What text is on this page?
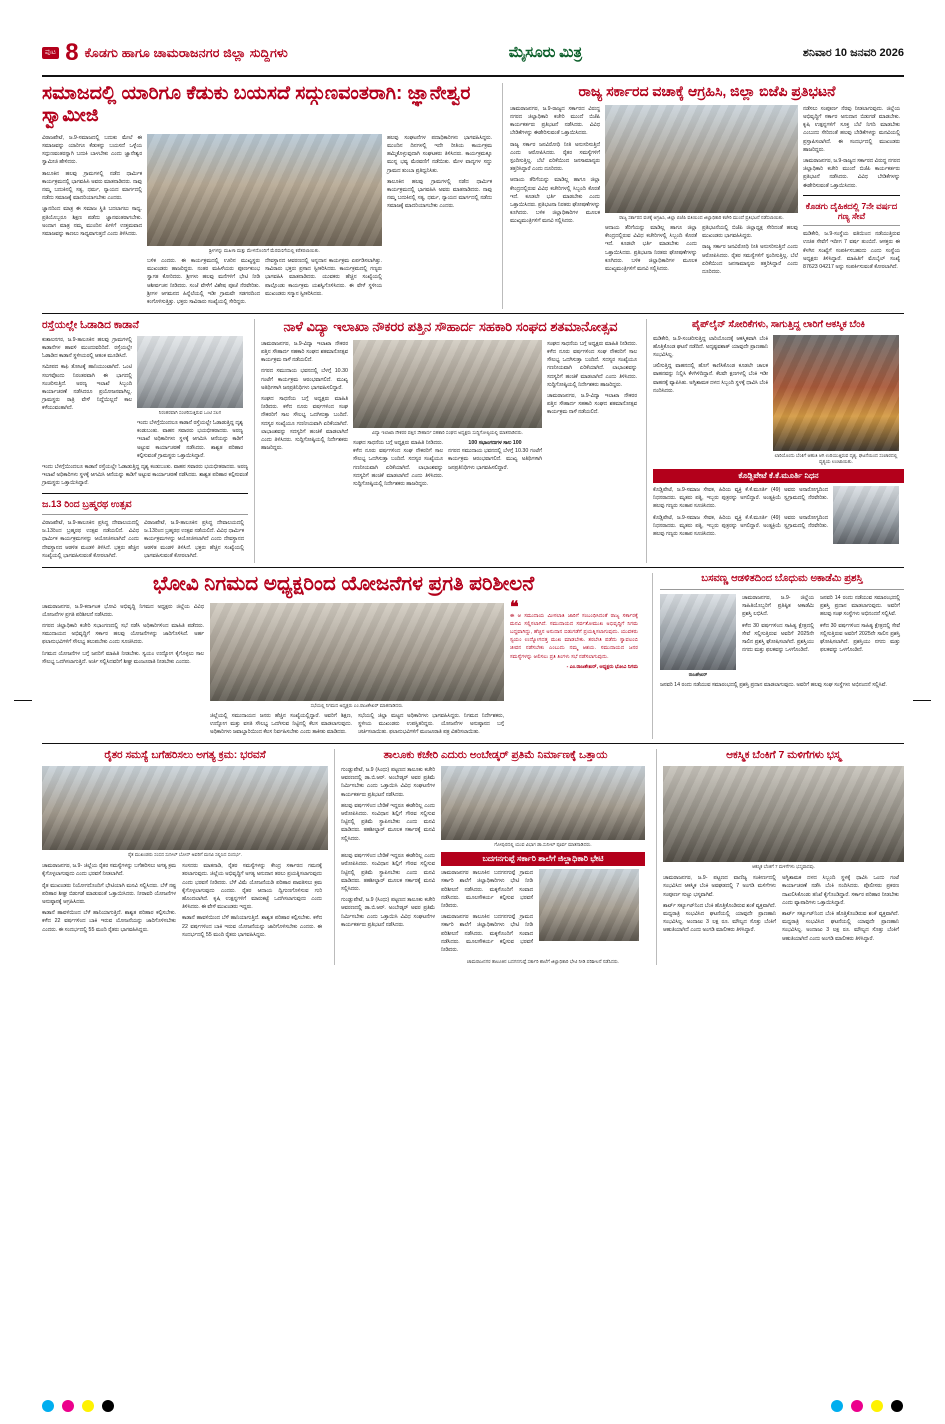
ಪುಟ 8 ಕೊಡಗು ಹಾಗೂ ಚಾಮರಾಜನಗರ ಜಿಲ್ಲಾ ಸುದ್ದಿಗಳು	ಮೈಸೂರು ಮಿತ್ರ	ಶನಿವಾರ 10 ಜನವರಿ 2026
ಸಮಾಜದಲ್ಲಿ ಯಾರಿಗೂ ಕೆಡುಕು ಬಯಸದೆ ಸದ್ಗುಣವಂತರಾಗಿ: ಜ್ಞಾನೇಶ್ವರ ಸ್ವಾಮೀಜಿ

ವಿರಾಜಪೇಟೆ, ಜ.9-ಸಮಾಜದಲ್ಲಿ ಬದುಕು ಮೇಲೆ ಈ ಸಮಾಜವನ್ನು ಯಾರಿಗೂ ಕೆಡುಕನ್ನು ಬಯಸದೆ ಒಳ್ಳೆಯ ಸದ್ಗುಣವಂತರನ್ನಾಗಿ ಬದುಕಿ ಬಾಳಬೇಕು ಎಂದು ಜ್ಞಾನೇಶ್ವರ ಸ್ವಾಮೀಜಿ ಹೇಳಿದರು.

ತಾಲೂಕಿನ ಹಲವು ಗ್ರಾಮಗಳಲ್ಲಿ ನಡೆದ ಧಾರ್ಮಿಕ ಕಾರ್ಯಕ್ರಮದಲ್ಲಿ ಭಾಗವಹಿಸಿ ಅವರು ಮಾತನಾಡಿದರು. ನಾವು ನಮ್ಮ ಬದುಕಿನಲ್ಲಿ ಸತ್ಯ, ಧರ್ಮ, ನ್ಯಾಯದ ಮಾರ್ಗದಲ್ಲಿ ನಡೆದು ಸಮಾಜಕ್ಕೆ ಮಾದರಿಯಾಗಬೇಕು ಎಂದರು.

ಜ್ಞಾನದಿಂದ ಮಾತ್ರ ಈ ಸಮಾಜ ಸ್ಥಿತಿ ಬದಲಾಗಲು ಸಾಧ್ಯ. ಪ್ರತಿಯೊಬ್ಬರೂ ಶಿಕ್ಷಣ ಪಡೆದು ಜ್ಞಾನವಂತರಾಗಬೇಕು. ಅಂದಾಗ ಮಾತ್ರ ನಮ್ಮ ಮುಂದಿನ ಪೀಳಿಗೆ ಉತ್ತಮವಾದ ಸಮಾಜವನ್ನು ಕಾಣಲು ಸಾಧ್ಯವಾಗುತ್ತದೆ ಎಂದು ತಿಳಿಸಿದರು.

ಶ್ರೀಗಳನ್ನು ಮಹಿಳಾ ಮತ್ತು ಮೇಳದೊಂದಿಗೆ ಮೆರವಣಿಗೆಯಲ್ಲಿ ಕರೆತರಲಾಯಿತು.

ಬಳಿಕ ಎಂದರು. ಈ ಕಾರ್ಯಕ್ರಮದಲ್ಲಿ ಊರಿನ ಮುಖ್ಯಸ್ಥರು ಮುಖಂಡರು ಹಾಜರಿದ್ದರು. ನಂತರ ಮಹಿಳೆಯರು ಪೂರ್ಣಕುಂಭ ಸ್ವಾಗತ ಕೋರಿದರು. ಶ್ರೀಗಳು ಹಲವು ಮನೆಗಳಿಗೆ ಭೇಟಿ ನೀಡಿ ಆಶೀರ್ವಚನ ನೀಡಿದರು. ಸಂಜೆ ವೇಳೆಗೆ ವಿಶೇಷ ಪೂಜೆ ನೆರವೇರಿತು. ಶ್ರೀಗಳ ಆಗಮನದ ಹಿನ್ನೆಲೆಯಲ್ಲಿ ಇಡೀ ಗ್ರಾಮವೇ ಸಡಗರದಿಂದ ಕಂಗೊಳಿಸುತ್ತಿತ್ತು. ಭಕ್ತರು ಸಾವಿರಾರು ಸಂಖ್ಯೆಯಲ್ಲಿ ಸೇರಿದ್ದರು.

ದೇವಸ್ಥಾನದ ಆವರಣದಲ್ಲಿ ಅನ್ನದಾನ ಕಾರ್ಯಕ್ರಮ ಏರ್ಪಡಿಸಲಾಗಿತ್ತು. ಸಾವಿರಾರು ಭಕ್ತರು ಪ್ರಸಾದ ಸ್ವೀಕರಿಸಿದರು. ಕಾರ್ಯಕ್ರಮದಲ್ಲಿ ಗಣ್ಯರು ಭಾಗವಹಿಸಿ ಮಾತನಾಡಿದರು. ಯುವಕರು ಹೆಚ್ಚಿನ ಸಂಖ್ಯೆಯಲ್ಲಿ ಪಾಲ್ಗೊಂಡು ಕಾರ್ಯಕ್ರಮ ಯಶಸ್ವಿಗೊಳಿಸಿದರು. ಈ ವೇಳೆ ಸ್ಥಳೀಯ ಮುಖಂಡರು ಸನ್ಮಾನ ಸ್ವೀಕರಿಸಿದರು.

ಹಲವು ಸಂಘಟನೆಗಳ ಪದಾಧಿಕಾರಿಗಳು ಭಾಗವಹಿಸಿದ್ದರು. ಮುಂದಿನ ದಿನಗಳಲ್ಲಿ ಇದೇ ರೀತಿಯ ಕಾರ್ಯಕ್ರಮ ಹಮ್ಮಿಕೊಳ್ಳುವುದಾಗಿ ಸಂಘಟಕರು ತಿಳಿಸಿದರು. ಕಾರ್ಯಕ್ರಮಕ್ಕೂ ಮುನ್ನ ಭವ್ಯ ಮೆರವಣಿಗೆ ನಡೆಯಿತು. ಮೇಳ ವಾದ್ಯಗಳ ಸದ್ದು ಗ್ರಾಮದ ತುಂಬಾ ಪ್ರತಿಧ್ವನಿಸಿತು.

ತಾಲೂಕಿನ ಹಲವು ಗ್ರಾಮಗಳಲ್ಲಿ ನಡೆದ ಧಾರ್ಮಿಕ ಕಾರ್ಯಕ್ರಮದಲ್ಲಿ ಭಾಗವಹಿಸಿ ಅವರು ಮಾತನಾಡಿದರು. ನಾವು ನಮ್ಮ ಬದುಕಿನಲ್ಲಿ ಸತ್ಯ, ಧರ್ಮ, ನ್ಯಾಯದ ಮಾರ್ಗದಲ್ಲಿ ನಡೆದು ಸಮಾಜಕ್ಕೆ ಮಾದರಿಯಾಗಬೇಕು ಎಂದರು.

ರಾಜ್ಯ ಸರ್ಕಾರದ ವಚಾಕ್ಕೆ ಆಗ್ರಹಿಸಿ, ಜಿಲ್ಲಾ ಬಿಜೆಪಿ ಪ್ರತಿಭಟನೆ

ಚಾಮರಾಜನಗರ, ಜ.9-ರಾಜ್ಯದ ಸರ್ಕಾರದ ವಿರುದ್ಧ ನಗರದ ಜಿಲ್ಲಾಧಿಕಾರಿ ಕಚೇರಿ ಮುಂದೆ ಬಿಜೆಪಿ ಕಾರ್ಯಕರ್ತರು ಪ್ರತಿಭಟನೆ ನಡೆಸಿದರು. ವಿವಿಧ ಬೇಡಿಕೆಗಳನ್ನು ಈಡೇರಿಸುವಂತೆ ಒತ್ತಾಯಿಸಿದರು.

ರಾಜ್ಯ ಸರ್ಕಾರ ಜನವಿರೋಧಿ ನೀತಿ ಅನುಸರಿಸುತ್ತಿದೆ ಎಂದು ಆರೋಪಿಸಿದರು. ರೈತರ ಸಮಸ್ಯೆಗಳಿಗೆ ಸ್ಪಂದಿಸುತ್ತಿಲ್ಲ. ಬೆಲೆ ಏರಿಕೆಯಿಂದ ಜನಸಾಮಾನ್ಯರು ತತ್ತರಿಸಿದ್ದಾರೆ ಎಂದು ದೂರಿದರು.

ಆದಾಯ ತೆರಿಗೆಯನ್ನು ಮಾಡಿಲ್ಲ ಹಾಗೂ ಜಿಲ್ಲಾ ಕೇಂದ್ರದಲ್ಲಿರುವ ವಿವಿಧ ಕಚೇರಿಗಳಲ್ಲಿ ಸಿಬ್ಬಂದಿ ಕೊರತೆ ಇದೆ. ಕೂಡಲೇ ಭರ್ತಿ ಮಾಡಬೇಕು ಎಂದು ಒತ್ತಾಯಿಸಿದರು. ಪ್ರತಿಭಟನಾ ನಿರತರು ಘೋಷಣೆಗಳನ್ನು ಕೂಗಿದರು. ಬಳಿಕ ಜಿಲ್ಲಾಧಿಕಾರಿಗಳ ಮೂಲಕ ಮುಖ್ಯಮಂತ್ರಿಗಳಿಗೆ ಮನವಿ ಸಲ್ಲಿಸಿದರು.

ರಾಜ್ಯ ಸರ್ಕಾರದ ವಚಕ್ಕೆ ಆಗ್ರಹಿಸಿ, ಜಿಲ್ಲಾ ಬಿಜೆಪಿ ವತಿಯಿಂದ ಜಿಲ್ಲಾಧಿಕಾರಿ ಕಚೇರಿ ಮುಂದೆ ಪ್ರತಿಭಟನೆ ನಡೆಸಲಾಯಿತು.

ಆದಾಯ ತೆರಿಗೆಯನ್ನು ಮಾಡಿಲ್ಲ ಹಾಗೂ ಜಿಲ್ಲಾ ಕೇಂದ್ರದಲ್ಲಿರುವ ವಿವಿಧ ಕಚೇರಿಗಳಲ್ಲಿ ಸಿಬ್ಬಂದಿ ಕೊರತೆ ಇದೆ. ಕೂಡಲೇ ಭರ್ತಿ ಮಾಡಬೇಕು ಎಂದು ಒತ್ತಾಯಿಸಿದರು. ಪ್ರತಿಭಟನಾ ನಿರತರು ಘೋಷಣೆಗಳನ್ನು ಕೂಗಿದರು. ಬಳಿಕ ಜಿಲ್ಲಾಧಿಕಾರಿಗಳ ಮೂಲಕ ಮುಖ್ಯಮಂತ್ರಿಗಳಿಗೆ ಮನವಿ ಸಲ್ಲಿಸಿದರು.

ಪ್ರತಿಭಟನೆಯಲ್ಲಿ ಬಿಜೆಪಿ ಜಿಲ್ಲಾಧ್ಯಕ್ಷ ಸೇರಿದಂತೆ ಹಲವು ಮುಖಂಡರು ಭಾಗವಹಿಸಿದ್ದರು.

ರಾಜ್ಯ ಸರ್ಕಾರ ಜನವಿರೋಧಿ ನೀತಿ ಅನುಸರಿಸುತ್ತಿದೆ ಎಂದು ಆರೋಪಿಸಿದರು. ರೈತರ ಸಮಸ್ಯೆಗಳಿಗೆ ಸ್ಪಂದಿಸುತ್ತಿಲ್ಲ. ಬೆಲೆ ಏರಿಕೆಯಿಂದ ಜನಸಾಮಾನ್ಯರು ತತ್ತರಿಸಿದ್ದಾರೆ ಎಂದು ದೂರಿದರು.

ನಡೆಸಲು ಸಂಪೂರ್ಣ ನೆರವು ನೀಡಲಾಗುವುದು. ಜಿಲ್ಲೆಯ ಅಭಿವೃದ್ಧಿಗೆ ಸರ್ಕಾರ ಅನುದಾನ ಬಿಡುಗಡೆ ಮಾಡಬೇಕು. ಕೃಷಿ ಉತ್ಪನ್ನಗಳಿಗೆ ಸೂಕ್ತ ಬೆಲೆ ನಿಗದಿ ಮಾಡಬೇಕು ಎಂಬುದು ಸೇರಿದಂತೆ ಹಲವು ಬೇಡಿಕೆಗಳನ್ನು ಮನವಿಯಲ್ಲಿ ಪ್ರಸ್ತಾಪಿಸಲಾಗಿದೆ. ಈ ಸಂದರ್ಭದಲ್ಲಿ ಮುಖಂಡರು ಹಾಜರಿದ್ದರು.

ಚಾಮರಾಜನಗರ, ಜ.9-ರಾಜ್ಯದ ಸರ್ಕಾರದ ವಿರುದ್ಧ ನಗರದ ಜಿಲ್ಲಾಧಿಕಾರಿ ಕಚೇರಿ ಮುಂದೆ ಬಿಜೆಪಿ ಕಾರ್ಯಕರ್ತರು ಪ್ರತಿಭಟನೆ ನಡೆಸಿದರು. ವಿವಿಧ ಬೇಡಿಕೆಗಳನ್ನು ಈಡೇರಿಸುವಂತೆ ಒತ್ತಾಯಿಸಿದರು.

ಕೊಡಗು ದೈಹಿಕದಲ್ಲಿ 7ನೇ ವರ್ಷದ ಗಣ್ಯ ಸೇವೆ

ಮಡಿಕೇರಿ, ಜ.9-ಸಂಸ್ಥೆಯ ವತಿಯಿಂದ ನಡೆಯುತ್ತಿರುವ ಉಚಿತ ಸೇವೆಗೆ ಇದೀಗ 7 ವರ್ಷ ತುಂಬಿದೆ. ಆಸಕ್ತರು ಈ ಕೆಳಗಿನ ಸಂಖ್ಯೆಗೆ ಸಂಪರ್ಕಿಸಬಹುದು ಎಂದು ಸಂಸ್ಥೆಯ ಅಧ್ಯಕ್ಷರು ತಿಳಿಸಿದ್ದಾರೆ. ಮಾಹಿತಿಗೆ ಮೊಬೈಲ್ ಸಂಖ್ಯೆ 87623 04217 ಅನ್ನು ಸಂಪರ್ಕಿಸುವಂತೆ ಕೋರಲಾಗಿದೆ.

ರಸ್ತೆಯಲ್ಲೇ ಓಡಾಡಿದ ಕಾಡಾನೆ

ಕುಶಾಲನಗರ, ಜ.9-ತಾಲೂಕಿನ ಹಲವು ಗ್ರಾಮಗಳಲ್ಲಿ ಕಾಡಾನೆಗಳ ಹಾವಳಿ ಮುಂದುವರಿದಿದೆ. ರಸ್ತೆಯಲ್ಲೇ ಓಡಾಡಿದ ಕಾಡಾನೆ ಸ್ಥಳೀಯರಲ್ಲಿ ಆತಂಕ ಮೂಡಿಸಿದೆ.

ಸಮೀಪದ ಕಾಫಿ ತೋಟಕ್ಕೆ ಹಾನಿಯುಂಟಾಗಿದೆ. ಒಂಟಿ ಸಲಗವೊಂದು ನಿರಂತರವಾಗಿ ಈ ಭಾಗದಲ್ಲಿ ಸಂಚರಿಸುತ್ತಿದೆ. ಅರಣ್ಯ ಇಲಾಖೆ ಸಿಬ್ಬಂದಿ ಕಾರ್ಯಾಚರಣೆ ನಡೆಸಿದರೂ ಪ್ರಯೋಜನವಾಗಿಲ್ಲ. ಗ್ರಾಮಸ್ಥರು ರಾತ್ರಿ ವೇಳೆ ನಿದ್ದೆಯಿಲ್ಲದೆ ಕಾಲ ಕಳೆಯುವಂತಾಗಿದೆ.

ನಿರಂತರವಾಗಿ ಸಂಚರಿಸುತ್ತಿರುವ ಒಂಟಿ ಸಲಗ

ಇಂದು ಬೆಳಗ್ಗೆಯಿಂದಲೂ ಕಾಡಾನೆ ರಸ್ತೆಯಲ್ಲೇ ಓಡಾಡುತ್ತಿದ್ದ ದೃಶ್ಯ ಕಂಡುಬಂತು. ವಾಹನ ಸವಾರರು ಭಯಭೀತರಾದರು. ಅರಣ್ಯ ಇಲಾಖೆ ಅಧಿಕಾರಿಗಳು ಸ್ಥಳಕ್ಕೆ ಆಗಮಿಸಿ ಆನೆಯನ್ನು ಕಾಡಿಗೆ ಅಟ್ಟುವ ಕಾರ್ಯಾಚರಣೆ ನಡೆಸಿದರು. ಶಾಶ್ವತ ಪರಿಹಾರ ಕಲ್ಪಿಸುವಂತೆ ಗ್ರಾಮಸ್ಥರು ಒತ್ತಾಯಿಸಿದ್ದಾರೆ.

ಇಂದು ಬೆಳಗ್ಗೆಯಿಂದಲೂ ಕಾಡಾನೆ ರಸ್ತೆಯಲ್ಲೇ ಓಡಾಡುತ್ತಿದ್ದ ದೃಶ್ಯ ಕಂಡುಬಂತು. ವಾಹನ ಸವಾರರು ಭಯಭೀತರಾದರು. ಅರಣ್ಯ ಇಲಾಖೆ ಅಧಿಕಾರಿಗಳು ಸ್ಥಳಕ್ಕೆ ಆಗಮಿಸಿ ಆನೆಯನ್ನು ಕಾಡಿಗೆ ಅಟ್ಟುವ ಕಾರ್ಯಾಚರಣೆ ನಡೆಸಿದರು. ಶಾಶ್ವತ ಪರಿಹಾರ ಕಲ್ಪಿಸುವಂತೆ ಗ್ರಾಮಸ್ಥರು ಒತ್ತಾಯಿಸಿದ್ದಾರೆ.

ಜ.13 ರಿಂದ ಬ್ರಹ್ಮರಥ ಉತ್ಸವ

ವಿರಾಜಪೇಟೆ, ಜ.9-ತಾಲೂಕಿನ ಪ್ರಸಿದ್ಧ ದೇವಾಲಯದಲ್ಲಿ ಜ.13ರಿಂದ ಬ್ರಹ್ಮರಥ ಉತ್ಸವ ನಡೆಯಲಿದೆ. ವಿವಿಧ ಧಾರ್ಮಿಕ ಕಾರ್ಯಕ್ರಮಗಳನ್ನು ಆಯೋಜಿಸಲಾಗಿದೆ ಎಂದು ದೇವಸ್ಥಾನದ ಆಡಳಿತ ಮಂಡಳಿ ತಿಳಿಸಿದೆ. ಭಕ್ತರು ಹೆಚ್ಚಿನ ಸಂಖ್ಯೆಯಲ್ಲಿ ಭಾಗವಹಿಸುವಂತೆ ಕೋರಲಾಗಿದೆ.

ವಿರಾಜಪೇಟೆ, ಜ.9-ತಾಲೂಕಿನ ಪ್ರಸಿದ್ಧ ದೇವಾಲಯದಲ್ಲಿ ಜ.13ರಿಂದ ಬ್ರಹ್ಮರಥ ಉತ್ಸವ ನಡೆಯಲಿದೆ. ವಿವಿಧ ಧಾರ್ಮಿಕ ಕಾರ್ಯಕ್ರಮಗಳನ್ನು ಆಯೋಜಿಸಲಾಗಿದೆ ಎಂದು ದೇವಸ್ಥಾನದ ಆಡಳಿತ ಮಂಡಳಿ ತಿಳಿಸಿದೆ. ಭಕ್ತರು ಹೆಚ್ಚಿನ ಸಂಖ್ಯೆಯಲ್ಲಿ ಭಾಗವಹಿಸುವಂತೆ ಕೋರಲಾಗಿದೆ.

ನಾಳೆ ವಿದ್ಯಾ ಇಲಾಖಾ ನೌಕರರ ಪತ್ತಿನ ಸೌಹಾರ್ದ ಸಹಕಾರಿ ಸಂಘದ ಶತಮಾನೋತ್ಸವ

ಚಾಮರಾಜನಗರ, ಜ.9-ವಿದ್ಯಾ ಇಲಾಖಾ ನೌಕರರ ಪತ್ತಿನ ಸೌಹಾರ್ದ ಸಹಕಾರಿ ಸಂಘದ ಶತಮಾನೋತ್ಸವ ಕಾರ್ಯಕ್ರಮ ನಾಳೆ ನಡೆಯಲಿದೆ.

ನಗರದ ಸಮುದಾಯ ಭವನದಲ್ಲಿ ಬೆಳಗ್ಗೆ 10.30 ಗಂಟೆಗೆ ಕಾರ್ಯಕ್ರಮ ಆರಂಭವಾಗಲಿದೆ. ಮುಖ್ಯ ಅತಿಥಿಗಳಾಗಿ ಜನಪ್ರತಿನಿಧಿಗಳು ಭಾಗವಹಿಸಲಿದ್ದಾರೆ.

ಸಂಘದ ಸಾಧನೆಯ ಬಗ್ಗೆ ಅಧ್ಯಕ್ಷರು ಮಾಹಿತಿ ನೀಡಿದರು. ಕಳೆದ ನೂರು ವರ್ಷಗಳಿಂದ ಸಂಘ ನೌಕರರಿಗೆ ಸಾಲ ಸೌಲಭ್ಯ ಒದಗಿಸುತ್ತಾ ಬಂದಿದೆ. ಸದಸ್ಯರ ಸಂಖ್ಯೆಯೂ ಗಣನೀಯವಾಗಿ ಏರಿಕೆಯಾಗಿದೆ. ಲಾಭಾಂಶವನ್ನು ಸದಸ್ಯರಿಗೆ ಹಂಚಿಕೆ ಮಾಡಲಾಗಿದೆ ಎಂದು ತಿಳಿಸಿದರು. ಸುದ್ದಿಗೋಷ್ಠಿಯಲ್ಲಿ ನಿರ್ದೇಶಕರು ಹಾಜರಿದ್ದರು.

ವಿದ್ಯಾ ಇಲಾಖಾ ನೌಕರರ ಪತ್ತಿನ ಸೌಹಾರ್ದ ಸಹಕಾರಿ ಸಂಘದ ಅಧ್ಯಕ್ಷರು ಸುದ್ದಿಗೋಷ್ಠಿಯಲ್ಲಿ ಮಾತನಾಡಿದರು.

ಸಂಘದ ಸಾಧನೆಯ ಬಗ್ಗೆ ಅಧ್ಯಕ್ಷರು ಮಾಹಿತಿ ನೀಡಿದರು. ಕಳೆದ ನೂರು ವರ್ಷಗಳಿಂದ ಸಂಘ ನೌಕರರಿಗೆ ಸಾಲ ಸೌಲಭ್ಯ ಒದಗಿಸುತ್ತಾ ಬಂದಿದೆ. ಸದಸ್ಯರ ಸಂಖ್ಯೆಯೂ ಗಣನೀಯವಾಗಿ ಏರಿಕೆಯಾಗಿದೆ. ಲಾಭಾಂಶವನ್ನು ಸದಸ್ಯರಿಗೆ ಹಂಚಿಕೆ ಮಾಡಲಾಗಿದೆ ಎಂದು ತಿಳಿಸಿದರು. ಸುದ್ದಿಗೋಷ್ಠಿಯಲ್ಲಿ ನಿರ್ದೇಶಕರು ಹಾಜರಿದ್ದರು.

100 ಸಭಾಂಗಣಗಳ ಸಾಲ 100

ನಗರದ ಸಮುದಾಯ ಭವನದಲ್ಲಿ ಬೆಳಗ್ಗೆ 10.30 ಗಂಟೆಗೆ ಕಾರ್ಯಕ್ರಮ ಆರಂಭವಾಗಲಿದೆ. ಮುಖ್ಯ ಅತಿಥಿಗಳಾಗಿ ಜನಪ್ರತಿನಿಧಿಗಳು ಭಾಗವಹಿಸಲಿದ್ದಾರೆ.

ಸಂಘದ ಸಾಧನೆಯ ಬಗ್ಗೆ ಅಧ್ಯಕ್ಷರು ಮಾಹಿತಿ ನೀಡಿದರು. ಕಳೆದ ನೂರು ವರ್ಷಗಳಿಂದ ಸಂಘ ನೌಕರರಿಗೆ ಸಾಲ ಸೌಲಭ್ಯ ಒದಗಿಸುತ್ತಾ ಬಂದಿದೆ. ಸದಸ್ಯರ ಸಂಖ್ಯೆಯೂ ಗಣನೀಯವಾಗಿ ಏರಿಕೆಯಾಗಿದೆ. ಲಾಭಾಂಶವನ್ನು ಸದಸ್ಯರಿಗೆ ಹಂಚಿಕೆ ಮಾಡಲಾಗಿದೆ ಎಂದು ತಿಳಿಸಿದರು. ಸುದ್ದಿಗೋಷ್ಠಿಯಲ್ಲಿ ನಿರ್ದೇಶಕರು ಹಾಜರಿದ್ದರು.

ಚಾಮರಾಜನಗರ, ಜ.9-ವಿದ್ಯಾ ಇಲಾಖಾ ನೌಕರರ ಪತ್ತಿನ ಸೌಹಾರ್ದ ಸಹಕಾರಿ ಸಂಘದ ಶತಮಾನೋತ್ಸವ ಕಾರ್ಯಕ್ರಮ ನಾಳೆ ನಡೆಯಲಿದೆ.

ಪೈಪ್‌ಲೈನ್ ಸೋರಿಕೆಗಳು, ಸಾಗುತ್ತಿದ್ದ ಲಾರಿಗೆ ಆಕಸ್ಮಿಕ ಬೆಂಕಿ

ಮಡಿಕೇರಿ, ಜ.9-ಸಂಚರಿಸುತ್ತಿದ್ದ ಲಾರಿಯೊಂದಕ್ಕೆ ಆಕಸ್ಮಿಕವಾಗಿ ಬೆಂಕಿ ಹೊತ್ತಿಕೊಂಡ ಘಟನೆ ನಡೆದಿದೆ. ಅದೃಷ್ಟವಶಾತ್ ಯಾವುದೇ ಪ್ರಾಣಹಾನಿ ಸಂಭವಿಸಿಲ್ಲ.

ಚಲಿಸುತ್ತಿದ್ದ ವಾಹನದಲ್ಲಿ ಹೊಗೆ ಕಾಣಿಸಿಕೊಂಡ ಕೂಡಲೇ ಚಾಲಕ ವಾಹನವನ್ನು ನಿಲ್ಲಿಸಿ ಕೆಳಗಿಳಿದಿದ್ದಾನೆ. ಕೆಲವೇ ಕ್ಷಣಗಳಲ್ಲಿ ಬೆಂಕಿ ಇಡೀ ವಾಹನಕ್ಕೆ ವ್ಯಾಪಿಸಿತು. ಅಗ್ನಿಶಾಮಕ ದಳದ ಸಿಬ್ಬಂದಿ ಸ್ಥಳಕ್ಕೆ ಧಾವಿಸಿ ಬೆಂಕಿ ನಂದಿಸಿದರು.

ಲಾರಿಯೊಂದು ಬೆಂಕಿಗೆ ಆಹುತಿ ಆಗಿ ಉರಿಯುತ್ತಿರುವ ದೃಶ್ಯ. ಘಟನೆಯಿಂದ ಸಂಚಾರದಲ್ಲಿ ವ್ಯತ್ಯಯ ಉಂಟಾಯಿತು.
ಕೊಡ್ಲಿಪೇಟೆ ಕೆ.ಕೆ.ಮೂರ್ತಿ ನಿಧನ

ಕೊಡ್ಲಿಪೇಟೆ, ಜ.9-ಸಮಾಜ ಸೇವಕ, ಹಿರಿಯ ವ್ಯಕ್ತಿ ಕೆ.ಕೆ.ಮೂರ್ತಿ (49) ಅವರು ಅನಾರೋಗ್ಯದಿಂದ ನಿಧನರಾದರು. ಮೃತರು ಪತ್ನಿ, ಇಬ್ಬರು ಪುತ್ರರನ್ನು ಅಗಲಿದ್ದಾರೆ. ಅಂತ್ಯಕ್ರಿಯೆ ಸ್ವಗ್ರಾಮದಲ್ಲಿ ನೆರವೇರಿತು. ಹಲವು ಗಣ್ಯರು ಸಂತಾಪ ಸೂಚಿಸಿದರು.

ಕೊಡ್ಲಿಪೇಟೆ, ಜ.9-ಸಮಾಜ ಸೇವಕ, ಹಿರಿಯ ವ್ಯಕ್ತಿ ಕೆ.ಕೆ.ಮೂರ್ತಿ (49) ಅವರು ಅನಾರೋಗ್ಯದಿಂದ ನಿಧನರಾದರು. ಮೃತರು ಪತ್ನಿ, ಇಬ್ಬರು ಪುತ್ರರನ್ನು ಅಗಲಿದ್ದಾರೆ. ಅಂತ್ಯಕ್ರಿಯೆ ಸ್ವಗ್ರಾಮದಲ್ಲಿ ನೆರವೇರಿತು. ಹಲವು ಗಣ್ಯರು ಸಂತಾಪ ಸೂಚಿಸಿದರು.

ಭೋವಿ ನಿಗಮದ ಅಧ್ಯಕ್ಷರಿಂದ ಯೋಜನೆಗಳ ಪ್ರಗತಿ ಪರಿಶೀಲನೆ

ಚಾಮರಾಜನಗರ, ಜ.9-ಕರ್ನಾಟಕ ಭೋವಿ ಅಭಿವೃದ್ಧಿ ನಿಗಮದ ಅಧ್ಯಕ್ಷರು ಜಿಲ್ಲೆಯ ವಿವಿಧ ಯೋಜನೆಗಳ ಪ್ರಗತಿ ಪರಿಶೀಲನೆ ನಡೆಸಿದರು.

ನಗರದ ಜಿಲ್ಲಾಧಿಕಾರಿ ಕಚೇರಿ ಸಭಾಂಗಣದಲ್ಲಿ ಸಭೆ ನಡೆಸಿ ಅಧಿಕಾರಿಗಳಿಂದ ಮಾಹಿತಿ ಪಡೆದರು. ಸಮುದಾಯದ ಅಭಿವೃದ್ಧಿಗೆ ಸರ್ಕಾರ ಹಲವು ಯೋಜನೆಗಳನ್ನು ಜಾರಿಗೊಳಿಸಿದೆ. ಅರ್ಹ ಫಲಾನುಭವಿಗಳಿಗೆ ಸೌಲಭ್ಯ ತಲುಪಬೇಕು ಎಂದು ಸೂಚಿಸಿದರು.

ನಿಗಮದ ಯೋಜನೆಗಳ ಬಗ್ಗೆ ಜನರಿಗೆ ಮಾಹಿತಿ ನೀಡಬೇಕು. ಸ್ವಯಂ ಉದ್ಯೋಗ ಕೈಗೊಳ್ಳಲು ಸಾಲ ಸೌಲಭ್ಯ ಒದಗಿಸಲಾಗುತ್ತಿದೆ. ಅರ್ಜಿ ಸಲ್ಲಿಸಿದವರಿಗೆ ಶೀಘ್ರ ಮಂಜೂರಾತಿ ನೀಡಬೇಕು ಎಂದರು.

ಸಭೆಯಲ್ಲಿ ನಿಗಮದ ಅಧ್ಯಕ್ಷರು ಎಂ.ರಾಜಶೇಖರ್ ಮಾತನಾಡಿದರು.

ಜಿಲ್ಲೆಯಲ್ಲಿ ಸಮುದಾಯದ ಜನರು ಹೆಚ್ಚಿನ ಸಂಖ್ಯೆಯಲ್ಲಿದ್ದಾರೆ. ಅವರಿಗೆ ಶಿಕ್ಷಣ, ಉದ್ಯೋಗ ಮತ್ತು ವಸತಿ ಸೌಲಭ್ಯ ಒದಗಿಸುವ ನಿಟ್ಟಿನಲ್ಲಿ ಕೆಲಸ ಮಾಡಲಾಗುವುದು. ಅಧಿಕಾರಿಗಳು ಜವಾಬ್ದಾರಿಯಿಂದ ಕೆಲಸ ನಿರ್ವಹಿಸಬೇಕು ಎಂದು ತಾಕೀತು ಮಾಡಿದರು.

ಸಭೆಯಲ್ಲಿ ಜಿಲ್ಲಾ ಮಟ್ಟದ ಅಧಿಕಾರಿಗಳು ಭಾಗವಹಿಸಿದ್ದರು. ನಿಗಮದ ನಿರ್ದೇಶಕರು, ಸ್ಥಳೀಯ ಮುಖಂಡರು ಉಪಸ್ಥಿತರಿದ್ದರು. ಯೋಜನೆಗಳ ಅನುಷ್ಠಾನದ ಬಗ್ಗೆ ಚರ್ಚಿಸಲಾಯಿತು. ಫಲಾನುಭವಿಗಳಿಗೆ ಮಂಜೂರಾತಿ ಪತ್ರ ವಿತರಿಸಲಾಯಿತು.

❝
ಈ ಆ ಸಮುದಾಯ ಮೀಸಲಾತಿ ಜಾರಿಗೆ ಸಂಬಂಧಿಸಿದಂತೆ ರಾಜ್ಯ ಸರ್ಕಾರಕ್ಕೆ ಮನವಿ ಸಲ್ಲಿಸಲಾಗಿದೆ. ಸಮುದಾಯದ ಸರ್ವತೋಮುಖ ಅಭಿವೃದ್ಧಿಗೆ ನಿಗಮ ಬದ್ಧವಾಗಿದ್ದು, ಹೆಚ್ಚಿನ ಅನುದಾನ ಬಿಡುಗಡೆಗೆ ಪ್ರಯತ್ನಿಸಲಾಗುವುದು. ಯುವಕರು ಸ್ವಯಂ ಉದ್ಯೋಗದತ್ತ ಮುಖ ಮಾಡಬೇಕು. ತರಬೇತಿ ಪಡೆದು ಸ್ವಾವಲಂಬಿ ಜೀವನ ನಡೆಸಬೇಕು ಎಂಬುದು ನಮ್ಮ ಆಶಯ. ಸಮುದಾಯದ ಜನರ ಸಮಸ್ಯೆಗಳನ್ನು ಆಲಿಸಲು ಪ್ರತಿ ತಿಂಗಳು ಸಭೆ ನಡೆಸಲಾಗುವುದು.
- ಎಂ.ರಾಜಶೇಖರ್, ಅಧ್ಯಕ್ಷರು ಭೋವಿ ನಿಗಮ
ಬಸವಣ್ಣ ಆಡಳಿತದಿಂದ ಬೊಧುಮ ಅಕಾಡೆಮಿ ಪ್ರಶಸ್ತಿ
ರಾಜಶೇಖರ್

ಚಾಮರಾಜನಗರ, ಜ.9- ಜಿಲ್ಲೆಯ ಸಾಹಿತಿಯೊಬ್ಬರಿಗೆ ಪ್ರತಿಷ್ಠಿತ ಅಕಾಡೆಮಿ ಪ್ರಶಸ್ತಿ ಲಭಿಸಿದೆ.

ಕಳೆದ 30 ವರ್ಷಗಳಿಂದ ಸಾಹಿತ್ಯ ಕ್ಷೇತ್ರದಲ್ಲಿ ಸೇವೆ ಸಲ್ಲಿಸುತ್ತಿರುವ ಅವರಿಗೆ 2025ನೇ ಸಾಲಿನ ಪ್ರಶಸ್ತಿ ಘೋಷಿಸಲಾಗಿದೆ. ಪ್ರಶಸ್ತಿಯು ನಗದು ಮತ್ತು ಫಲಕವನ್ನು ಒಳಗೊಂಡಿದೆ.

ಜನವರಿ 14 ರಂದು ನಡೆಯುವ ಸಮಾರಂಭದಲ್ಲಿ ಪ್ರಶಸ್ತಿ ಪ್ರದಾನ ಮಾಡಲಾಗುವುದು. ಅವರಿಗೆ ಹಲವು ಸಂಘ ಸಂಸ್ಥೆಗಳು ಅಭಿನಂದನೆ ಸಲ್ಲಿಸಿವೆ.

ಕಳೆದ 30 ವರ್ಷಗಳಿಂದ ಸಾಹಿತ್ಯ ಕ್ಷೇತ್ರದಲ್ಲಿ ಸೇವೆ ಸಲ್ಲಿಸುತ್ತಿರುವ ಅವರಿಗೆ 2025ನೇ ಸಾಲಿನ ಪ್ರಶಸ್ತಿ ಘೋಷಿಸಲಾಗಿದೆ. ಪ್ರಶಸ್ತಿಯು ನಗದು ಮತ್ತು ಫಲಕವನ್ನು ಒಳಗೊಂಡಿದೆ.

ಜನವರಿ 14 ರಂದು ನಡೆಯುವ ಸಮಾರಂಭದಲ್ಲಿ ಪ್ರಶಸ್ತಿ ಪ್ರದಾನ ಮಾಡಲಾಗುವುದು. ಅವರಿಗೆ ಹಲವು ಸಂಘ ಸಂಸ್ಥೆಗಳು ಅಭಿನಂದನೆ ಸಲ್ಲಿಸಿವೆ.

ರೈತರ ಸಮಸ್ಯೆ ಬಗೆಹರಿಸಲು ಅಗತ್ಯ ಕ್ರಮ: ಭರವಸೆ
ರೈತ ಮುಖಂಡರು ಸಂಸದ ಸುನೀಲ್ ಬೋಸ್ ಅವರಿಗೆ ಮನವಿ ಸಲ್ಲಿಸಿದ ಸಂದರ್ಭ.

ಚಾಮರಾಜನಗರ, ಜ.9- ಜಿಲ್ಲೆಯ ರೈತರ ಸಮಸ್ಯೆಗಳನ್ನು ಬಗೆಹರಿಸಲು ಅಗತ್ಯ ಕ್ರಮ ಕೈಗೊಳ್ಳಲಾಗುವುದು ಎಂದು ಭರವಸೆ ನೀಡಲಾಗಿದೆ.

ರೈತ ಮುಖಂಡರು ನಿಯೋಗದೊಂದಿಗೆ ಭೇಟಿಯಾಗಿ ಮನವಿ ಸಲ್ಲಿಸಿದರು. ಬೆಳೆ ನಷ್ಟ ಪರಿಹಾರ ಶೀಘ್ರ ಬಿಡುಗಡೆ ಮಾಡುವಂತೆ ಒತ್ತಾಯಿಸಿದರು. ನೀರಾವರಿ ಯೋಜನೆಗಳ ಅನುಷ್ಠಾನಕ್ಕೆ ಆಗ್ರಹಿಸಿದರು.

ಕಾಡಾನೆ ಹಾವಳಿಯಿಂದ ಬೆಳೆ ಹಾನಿಯಾಗುತ್ತಿದೆ. ಶಾಶ್ವತ ಪರಿಹಾರ ಕಲ್ಪಿಸಬೇಕು. ಕಳೆದ 22 ವರ್ಷಗಳಿಂದ ಬಾಕಿ ಇರುವ ಯೋಜನೆಯನ್ನು ಜಾರಿಗೊಳಿಸಬೇಕು ಎಂದರು. ಈ ಸಂದರ್ಭದಲ್ಲಿ 55 ಮಂದಿ ರೈತರು ಭಾಗವಹಿಸಿದ್ದರು.

ಸಂಸದರು ಮಾತನಾಡಿ, ರೈತರ ಸಮಸ್ಯೆಗಳನ್ನು ಕೇಂದ್ರ ಸರ್ಕಾರದ ಗಮನಕ್ಕೆ ತರಲಾಗುವುದು. ಜಿಲ್ಲೆಯ ಅಭಿವೃದ್ಧಿಗೆ ಅಗತ್ಯ ಅನುದಾನ ತರಲು ಪ್ರಯತ್ನಿಸಲಾಗುವುದು ಎಂದು ಭರವಸೆ ನೀಡಿದರು. ಬೆಳೆ ವಿಮೆ ಯೋಜನೆಯಡಿ ಪರಿಹಾರ ಪಾವತಿಸಲು ಕ್ರಮ ಕೈಗೊಳ್ಳಲಾಗುವುದು ಎಂದರು. ರೈತರ ಆದಾಯ ದ್ವಿಗುಣಗೊಳಿಸುವ ಗುರಿ ಹೊಂದಲಾಗಿದೆ. ಕೃಷಿ ಉತ್ಪನ್ನಗಳಿಗೆ ಮಾರುಕಟ್ಟೆ ಒದಗಿಸಲಾಗುವುದು ಎಂದು ತಿಳಿಸಿದರು. ಈ ವೇಳೆ ಮುಖಂಡರು ಇದ್ದರು.

ಕಾಡಾನೆ ಹಾವಳಿಯಿಂದ ಬೆಳೆ ಹಾನಿಯಾಗುತ್ತಿದೆ. ಶಾಶ್ವತ ಪರಿಹಾರ ಕಲ್ಪಿಸಬೇಕು. ಕಳೆದ 22 ವರ್ಷಗಳಿಂದ ಬಾಕಿ ಇರುವ ಯೋಜನೆಯನ್ನು ಜಾರಿಗೊಳಿಸಬೇಕು ಎಂದರು. ಈ ಸಂದರ್ಭದಲ್ಲಿ 55 ಮಂದಿ ರೈತರು ಭಾಗವಹಿಸಿದ್ದರು.

ತಾಲೂಕು ಕಚೇರಿ ಎದುರು ಅಂಬೇಡ್ಕರ್ ಪ್ರತಿಮೆ ನಿರ್ಮಾಣಕ್ಕೆ ಒತ್ತಾಯ

ಗುಂಡ್ಲುಪೇಟೆ, ಜ.9 (ಸಿಂಧು) ಪಟ್ಟಣದ ತಾಲೂಕು ಕಚೇರಿ ಆವರಣದಲ್ಲಿ ಡಾ.ಬಿ.ಆರ್. ಅಂಬೇಡ್ಕರ್ ಅವರ ಪ್ರತಿಮೆ ನಿರ್ಮಿಸಬೇಕು ಎಂದು ಒತ್ತಾಯಿಸಿ ವಿವಿಧ ಸಂಘಟನೆಗಳ ಕಾರ್ಯಕರ್ತರು ಪ್ರತಿಭಟನೆ ನಡೆಸಿದರು.

ಹಲವು ವರ್ಷಗಳಿಂದ ಬೇಡಿಕೆ ಇದ್ದರೂ ಈಡೇರಿಲ್ಲ ಎಂದು ಆರೋಪಿಸಿದರು. ಸಂವಿಧಾನ ಶಿಲ್ಪಿಗೆ ಗೌರವ ಸಲ್ಲಿಸುವ ನಿಟ್ಟಿನಲ್ಲಿ ಪ್ರತಿಮೆ ಸ್ಥಾಪಿಸಬೇಕು ಎಂದು ಮನವಿ ಮಾಡಿದರು. ತಹಶೀಲ್ದಾರ್ ಮೂಲಕ ಸರ್ಕಾರಕ್ಕೆ ಮನವಿ ಸಲ್ಲಿಸಿದರು.

ಗೋಪುರದಲ್ಲಿ ಯುವ ವಿಭಾಗ ಡಾ.ಸುನೀಲ್ ಪೂರ್ವ ಮಾತನಾಡಿದರು.

ಹಲವು ವರ್ಷಗಳಿಂದ ಬೇಡಿಕೆ ಇದ್ದರೂ ಈಡೇರಿಲ್ಲ ಎಂದು ಆರೋಪಿಸಿದರು. ಸಂವಿಧಾನ ಶಿಲ್ಪಿಗೆ ಗೌರವ ಸಲ್ಲಿಸುವ ನಿಟ್ಟಿನಲ್ಲಿ ಪ್ರತಿಮೆ ಸ್ಥಾಪಿಸಬೇಕು ಎಂದು ಮನವಿ ಮಾಡಿದರು. ತಹಶೀಲ್ದಾರ್ ಮೂಲಕ ಸರ್ಕಾರಕ್ಕೆ ಮನವಿ ಸಲ್ಲಿಸಿದರು.

ಗುಂಡ್ಲುಪೇಟೆ, ಜ.9 (ಸಿಂಧು) ಪಟ್ಟಣದ ತಾಲೂಕು ಕಚೇರಿ ಆವರಣದಲ್ಲಿ ಡಾ.ಬಿ.ಆರ್. ಅಂಬೇಡ್ಕರ್ ಅವರ ಪ್ರತಿಮೆ ನಿರ್ಮಿಸಬೇಕು ಎಂದು ಒತ್ತಾಯಿಸಿ ವಿವಿಧ ಸಂಘಟನೆಗಳ ಕಾರ್ಯಕರ್ತರು ಪ್ರತಿಭಟನೆ ನಡೆಸಿದರು.

ಬದಗನಗುಪ್ಪೆ ಸರ್ಕಾರಿ ಶಾಲೆಗೆ ಜಿಲ್ಲಾಧಿಕಾರಿ ಭೇಟಿ

ಚಾಮರಾಜನಗರ ತಾಲೂಕಿನ ಬದಗನಗುಪ್ಪೆ ಗ್ರಾಮದ ಸರ್ಕಾರಿ ಶಾಲೆಗೆ ಜಿಲ್ಲಾಧಿಕಾರಿಗಳು ಭೇಟಿ ನೀಡಿ ಪರಿಶೀಲನೆ ನಡೆಸಿದರು. ಮಕ್ಕಳೊಂದಿಗೆ ಸಂವಾದ ನಡೆಸಿದರು. ಮೂಲಸೌಕರ್ಯ ಕಲ್ಪಿಸುವ ಭರವಸೆ ನೀಡಿದರು.

ಚಾಮರಾಜನಗರ ತಾಲೂಕಿನ ಬದಗನಗುಪ್ಪೆ ಗ್ರಾಮದ ಸರ್ಕಾರಿ ಶಾಲೆಗೆ ಜಿಲ್ಲಾಧಿಕಾರಿಗಳು ಭೇಟಿ ನೀಡಿ ಪರಿಶೀಲನೆ ನಡೆಸಿದರು. ಮಕ್ಕಳೊಂದಿಗೆ ಸಂವಾದ ನಡೆಸಿದರು. ಮೂಲಸೌಕರ್ಯ ಕಲ್ಪಿಸುವ ಭರವಸೆ ನೀಡಿದರು.

ಚಾಮರಾಜನಗರ ತಾಲೂಕಿನ ಬದಗನಗುಪ್ಪೆ ಸರ್ಕಾರಿ ಶಾಲೆಗೆ ಜಿಲ್ಲಾಧಿಕಾರಿ ಭೇಟಿ ನೀಡಿ ಪರಿಶೀಲನೆ ನಡೆಸಿದರು.
ಆಕಸ್ಮಿಕ ಬೆಂಕಿಗೆ 7 ಮಳಿಗೆಗಳು ಭಸ್ಮ
ಆಕಸ್ಮಿಕ ಬೆಂಕಿಗೆ 7 ಮಳಿಗೆಗಳು ಭಸ್ಮವಾದವು.

ಚಾಮರಾಜನಗರ, ಜ.9- ಪಟ್ಟಣದ ವಾಣಿಜ್ಯ ಸಂಕೀರ್ಣದಲ್ಲಿ ಸಂಭವಿಸಿದ ಆಕಸ್ಮಿಕ ಬೆಂಕಿ ಅವಘಡದಲ್ಲಿ 7 ಅಂಗಡಿ ಮಳಿಗೆಗಳು ಸಂಪೂರ್ಣ ಸುಟ್ಟು ಭಸ್ಮವಾಗಿವೆ.

ಶಾರ್ಟ್ ಸರ್ಕ್ಯೂಟ್‌ನಿಂದ ಬೆಂಕಿ ಹೊತ್ತಿಕೊಂಡಿರುವ ಶಂಕೆ ವ್ಯಕ್ತವಾಗಿದೆ. ಮಧ್ಯರಾತ್ರಿ ಸಂಭವಿಸಿದ ಘಟನೆಯಲ್ಲಿ ಯಾವುದೇ ಪ್ರಾಣಹಾನಿ ಸಂಭವಿಸಿಲ್ಲ. ಅಂದಾಜು 3 ಲಕ್ಷ ರೂ. ಮೌಲ್ಯದ ಸೊತ್ತು ಬೆಂಕಿಗೆ ಆಹುತಿಯಾಗಿದೆ ಎಂದು ಅಂಗಡಿ ಮಾಲೀಕರು ತಿಳಿಸಿದ್ದಾರೆ.

ಅಗ್ನಿಶಾಮಕ ದಳದ ಸಿಬ್ಬಂದಿ ಸ್ಥಳಕ್ಕೆ ಧಾವಿಸಿ ಒಂದು ಗಂಟೆ ಕಾರ್ಯಾಚರಣೆ ನಡೆಸಿ ಬೆಂಕಿ ನಂದಿಸಿದರು. ಪೊಲೀಸರು ಪ್ರಕರಣ ದಾಖಲಿಸಿಕೊಂಡು ತನಿಖೆ ಕೈಗೊಂಡಿದ್ದಾರೆ. ಸರ್ಕಾರ ಪರಿಹಾರ ನೀಡಬೇಕು ಎಂದು ವ್ಯಾಪಾರಿಗಳು ಒತ್ತಾಯಿಸಿದ್ದಾರೆ.

ಶಾರ್ಟ್ ಸರ್ಕ್ಯೂಟ್‌ನಿಂದ ಬೆಂಕಿ ಹೊತ್ತಿಕೊಂಡಿರುವ ಶಂಕೆ ವ್ಯಕ್ತವಾಗಿದೆ. ಮಧ್ಯರಾತ್ರಿ ಸಂಭವಿಸಿದ ಘಟನೆಯಲ್ಲಿ ಯಾವುದೇ ಪ್ರಾಣಹಾನಿ ಸಂಭವಿಸಿಲ್ಲ. ಅಂದಾಜು 3 ಲಕ್ಷ ರೂ. ಮೌಲ್ಯದ ಸೊತ್ತು ಬೆಂಕಿಗೆ ಆಹುತಿಯಾಗಿದೆ ಎಂದು ಅಂಗಡಿ ಮಾಲೀಕರು ತಿಳಿಸಿದ್ದಾರೆ.
